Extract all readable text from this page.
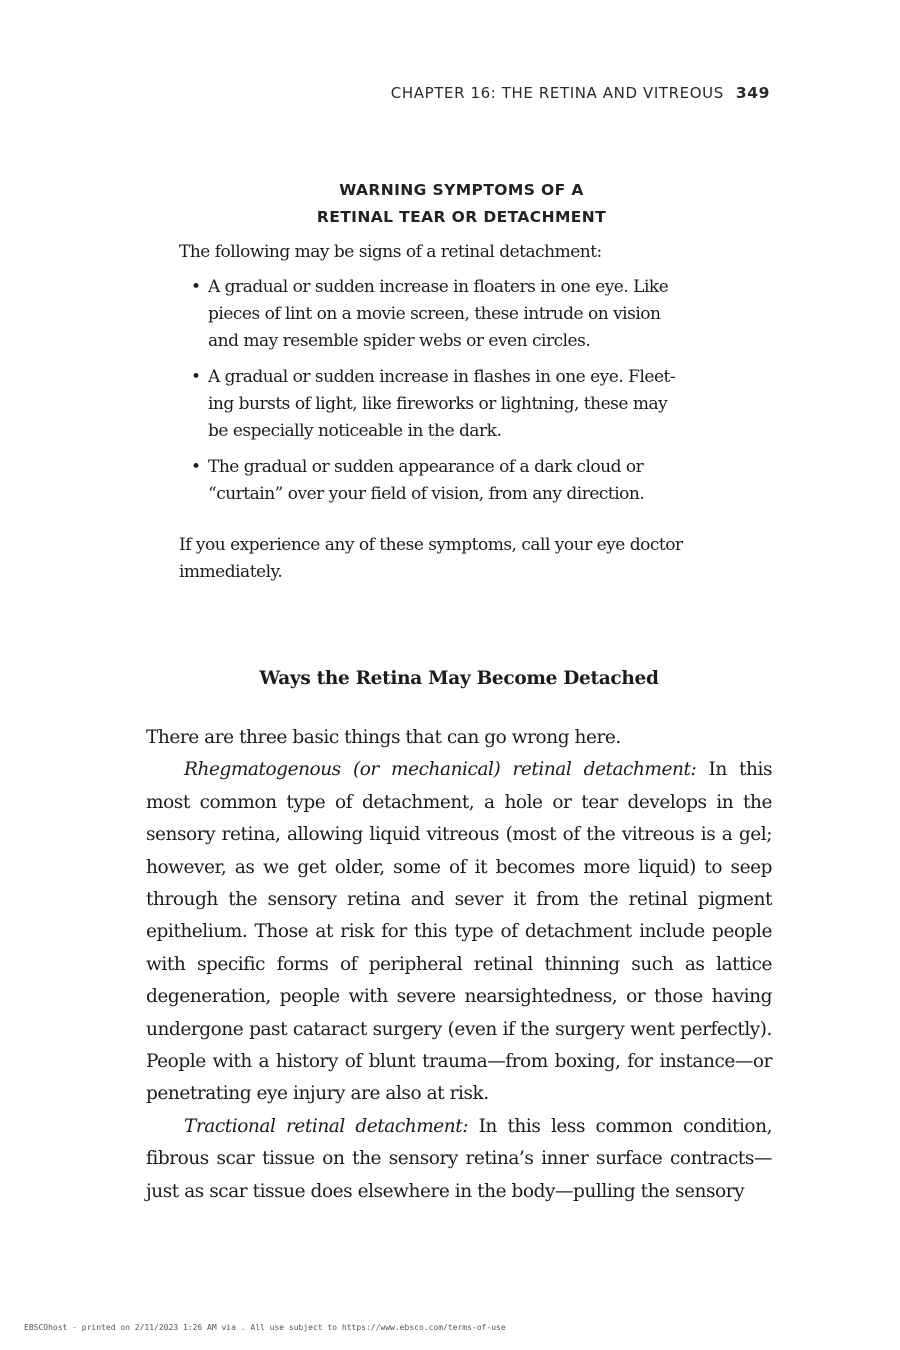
CHAPTER 16: THE RETINA AND VITREOUS 349
WARNING SYMPTOMS OF A
RETINAL TEAR OR DETACHMENT
The following may be signs of a retinal detachment:
• A gradual or sudden increase in floaters in one eye. Like
pieces of lint on a movie screen, these intrude on vision
and may resemble spider webs or even circles.
• A gradual or sudden increase in flashes in one eye. Fleet-
ing bursts of light, like fireworks or lightning, these may
be especially noticeable in the dark.
• The gradual or sudden appearance of a dark cloud or
“curtain” over your field of vision, from any direction.
If you experience any of these symptoms, call your eye doctor
immediately.
Ways the Retina May Become Detached

There are three basic things that can go wrong here.

Rhegmatogenous (or mechanical) retinal detachment: In this most common type of detachment, a hole or tear develops in the sensory retina, allowing liquid vitreous (most of the vitreous is a gel; however, as we get older, some of it becomes more liquid) to seep through the sensory retina and sever it from the retinal pigment epithelium. Those at risk for this type of detachment include people with specific forms of peripheral retinal thinning such as lattice degeneration, people with severe nearsightedness, or those having undergone past cataract surgery (even if the surgery went perfectly). People with a history of blunt trauma—from boxing, for instance—or penetrating eye injury are also at risk.

Tractional retinal detachment: In this less common condition, fibrous scar tissue on the sensory retina’s inner surface contracts—just as scar tissue does elsewhere in the body—pulling the sensory

EBSCOhost - printed on 2/11/2023 1:26 AM via . All use subject to https://www.ebsco.com/terms-of-use
